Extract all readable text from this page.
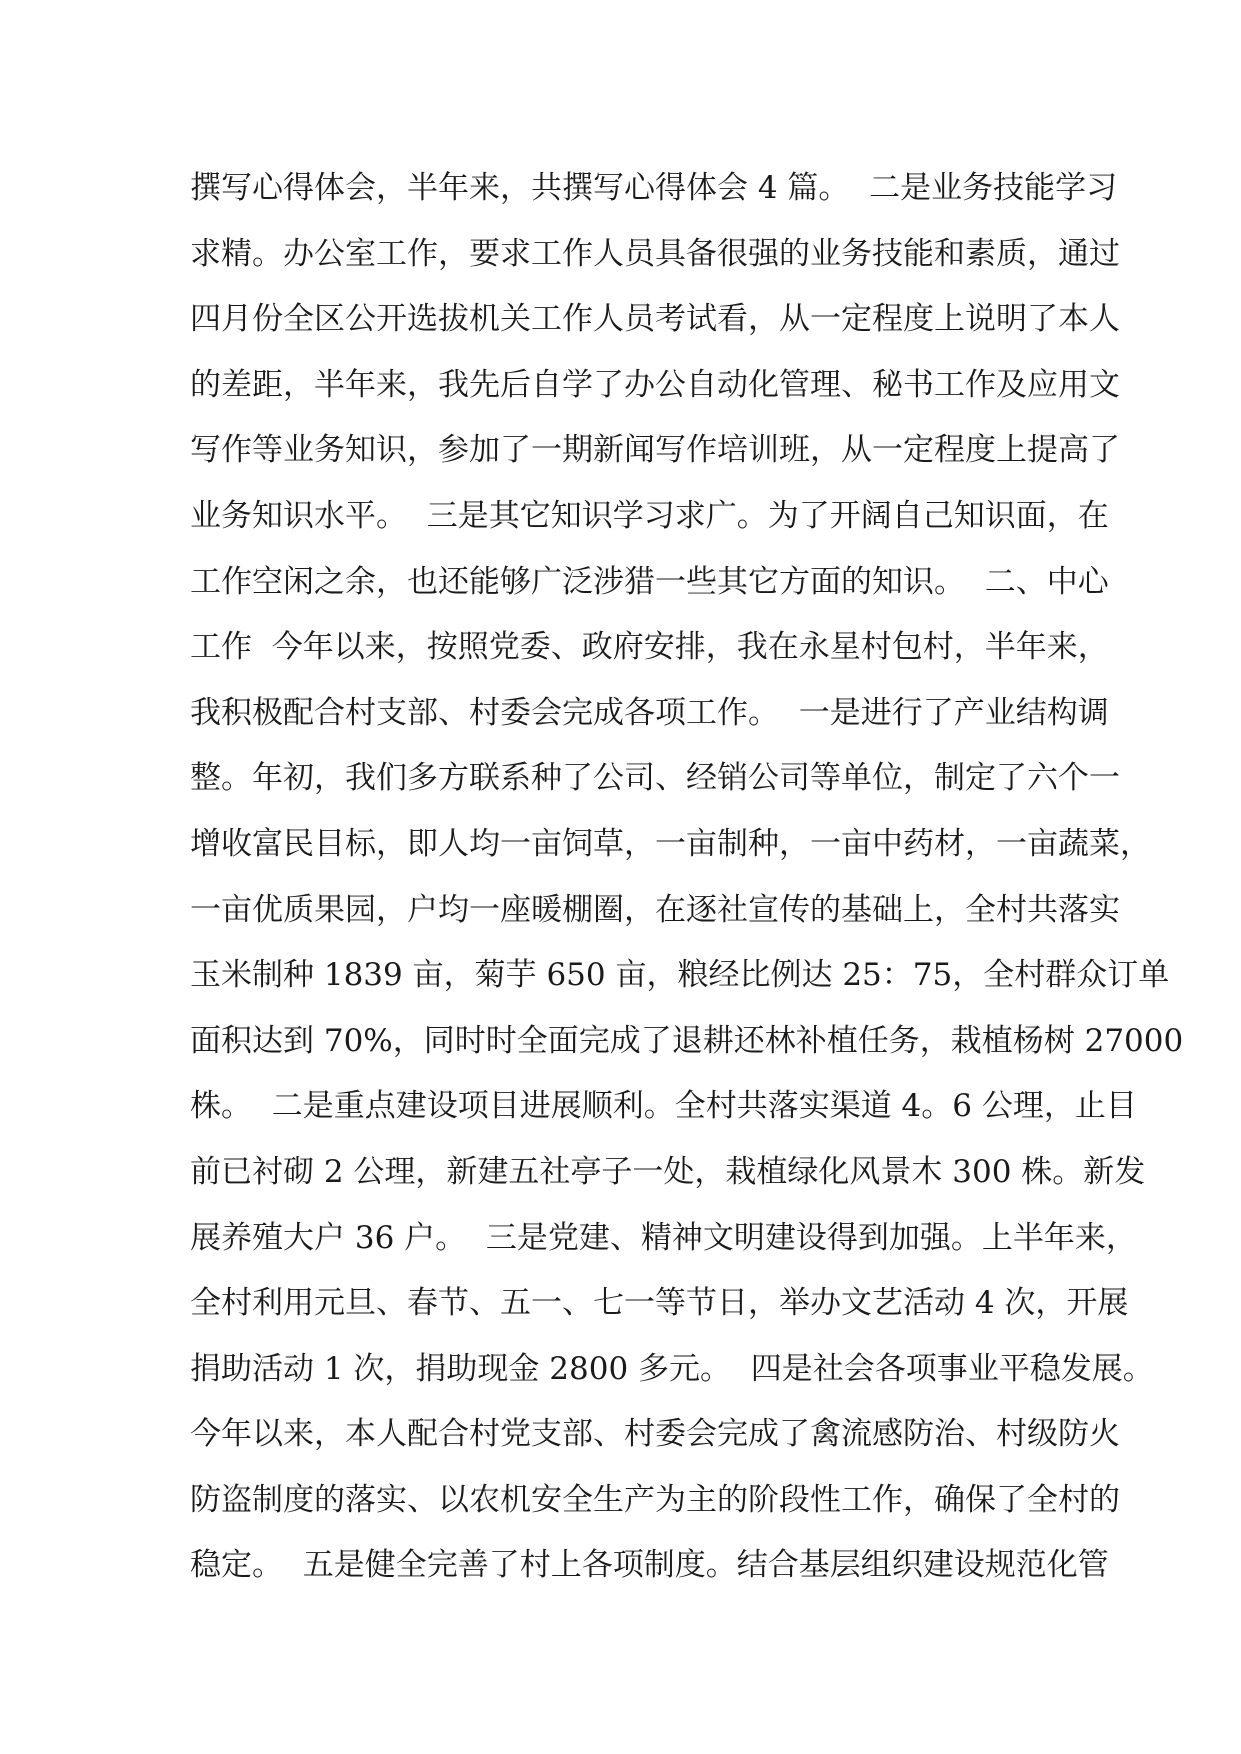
撰写心得体会，半年来，共撰写心得体会 4 篇。  二是业务技能学习
求精。办公室工作，要求工作人员具备很强的业务技能和素质，通过
四月份全区公开选拔机关工作人员考试看，从一定程度上说明了本人
的差距，半年来，我先后自学了办公自动化管理、秘书工作及应用文
写作等业务知识，参加了一期新闻写作培训班，从一定程度上提高了
业务知识水平。  三是其它知识学习求广。为了开阔自己知识面，在
工作空闲之余，也还能够广泛涉猎一些其它方面的知识。  二、中心
工作  今年以来，按照党委、政府安排，我在永星村包村，半年来，
我积极配合村支部、村委会完成各项工作。  一是进行了产业结构调
整。年初，我们多方联系种了公司、经销公司等单位，制定了六个一
增收富民目标，即人均一亩饲草，一亩制种，一亩中药材，一亩蔬菜，
一亩优质果园，户均一座暖棚圈，在逐社宣传的基础上，全村共落实
玉米制种 1839 亩，菊芋 650 亩，粮经比例达 25：75，全村群众订单
面积达到 70%，同时时全面完成了退耕还林补植任务，栽植杨树 27000
株。  二是重点建设项目进展顺利。全村共落实渠道 4。6 公理，止目
前已衬砌 2 公理，新建五社亭子一处，栽植绿化风景木 300 株。新发
展养殖大户 36 户。  三是党建、精神文明建设得到加强。上半年来，
全村利用元旦、春节、五一、七一等节日，举办文艺活动 4 次，开展
捐助活动 1 次，捐助现金 2800 多元。  四是社会各项事业平稳发展。
今年以来，本人配合村党支部、村委会完成了禽流感防治、村级防火
防盗制度的落实、以农机安全生产为主的阶段性工作，确保了全村的
稳定。  五是健全完善了村上各项制度。结合基层组织建设规范化管
